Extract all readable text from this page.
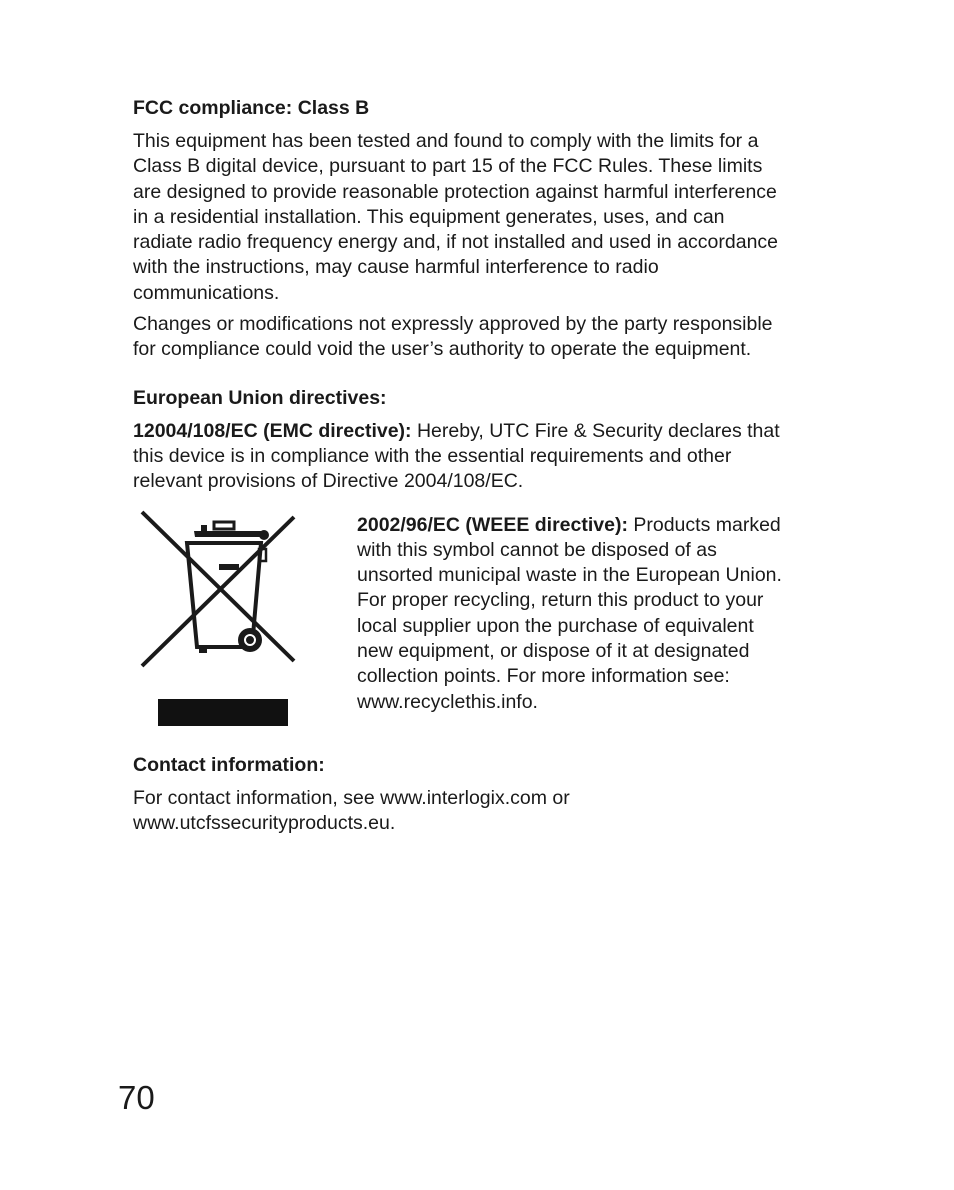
FCC compliance: Class B

This equipment has been tested and found to comply with the limits for a Class B digital device, pursuant to part 15 of the FCC Rules. These limits are designed to provide reasonable protection against harmful interference in a residential installation. This equipment generates, uses, and can radiate radio frequency energy and, if not installed and used in accordance with the instructions, may cause harmful interference to radio communications.

Changes or modifications not expressly approved by the party responsible for compliance could void the user’s authority to operate the equipment.

European Union directives:

12004/108/EC (EMC directive): Hereby, UTC Fire & Security declares that this device is in compliance with the essential requirements and other relevant provisions of Directive 2004/108/EC.

2002/96/EC (WEEE directive): Products marked with this symbol cannot be disposed of as unsorted municipal waste in the European Union. For proper recycling, return this product to your local supplier upon the purchase of equivalent new equipment, or dispose of it at designated collection points. For more information see: www.recyclethis.info.

Contact information:

For contact information, see www.interlogix.com or www.utcfssecurityproducts.eu.

70
